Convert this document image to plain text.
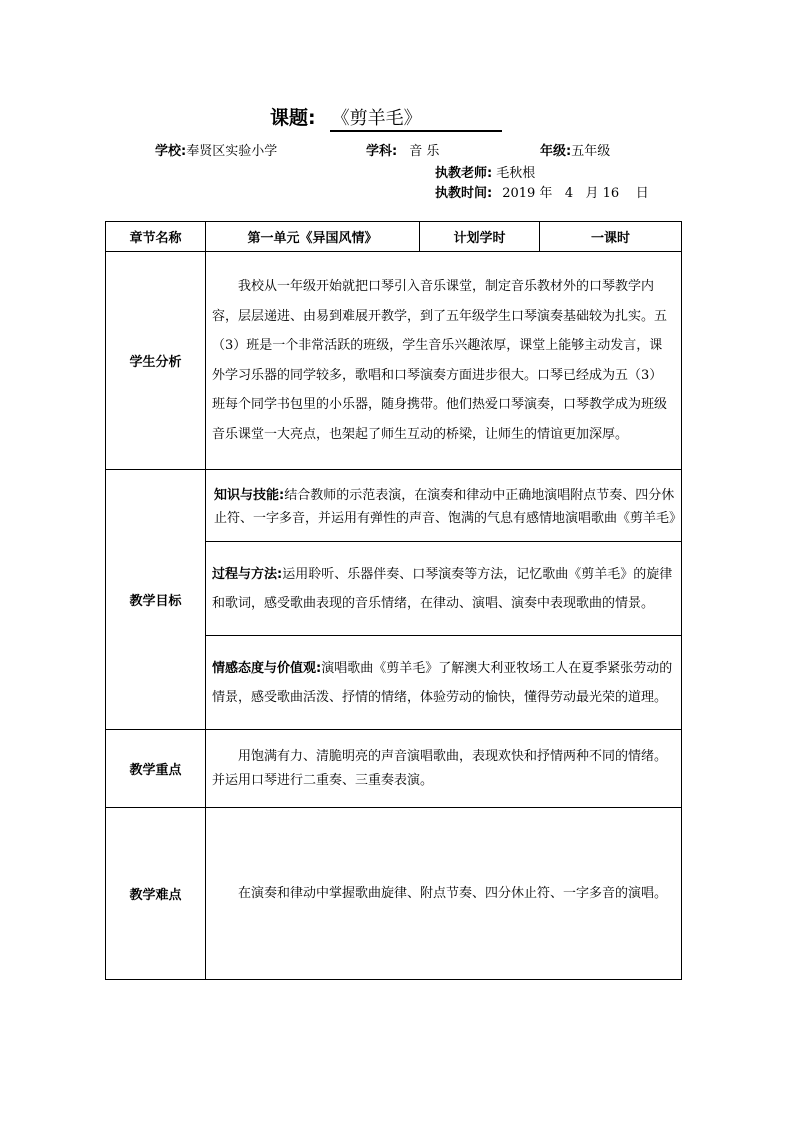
课题: 《剪羊毛》
学校:奉贤区实验小学	学科: 音 乐	年级:五年级
执教老师: 毛秋根
执教时间: 2019 年   4   月 16    日
章节名称	第一单元《异国风情》	计划学时	一课时
学生分析	我校从一年级开始就把口琴引入音乐课堂，制定音乐教材外的口琴教学内容，层层递进、由易到难展开教学，到了五年级学生口琴演奏基础较为扎实。五（3）班是一个非常活跃的班级，学生音乐兴趣浓厚，课堂上能够主动发言，课外学习乐器的同学较多，歌唱和口琴演奏方面进步很大。口琴已经成为五（3）班每个同学书包里的小乐器，随身携带。他们热爱口琴演奏，口琴教学成为班级音乐课堂一大亮点，也架起了师生互动的桥梁，让师生的情谊更加深厚。		
教学目标	知识与技能:结合教师的示范表演，在演奏和律动中正确地演唱附点节奏、四分休止符、一字多音，并运用有弹性的声音、饱满的气息有感情地演唱歌曲《剪羊毛》		
	过程与方法:运用聆听、乐器伴奏、口琴演奏等方法，记忆歌曲《剪羊毛》的旋律和歌词，感受歌曲表现的音乐情绪，在律动、演唱、演奏中表现歌曲的情景。		
	情感态度与价值观:演唱歌曲《剪羊毛》了解澳大利亚牧场工人在夏季紧张劳动的情景，感受歌曲活泼、抒情的情绪，体验劳动的愉快，懂得劳动最光荣的道理。		
教学重点	用饱满有力、清脆明亮的声音演唱歌曲，表现欢快和抒情两种不同的情绪。并运用口琴进行二重奏、三重奏表演。		
教学难点	在演奏和律动中掌握歌曲旋律、附点节奏、四分休止符、一字多音的演唱。		
